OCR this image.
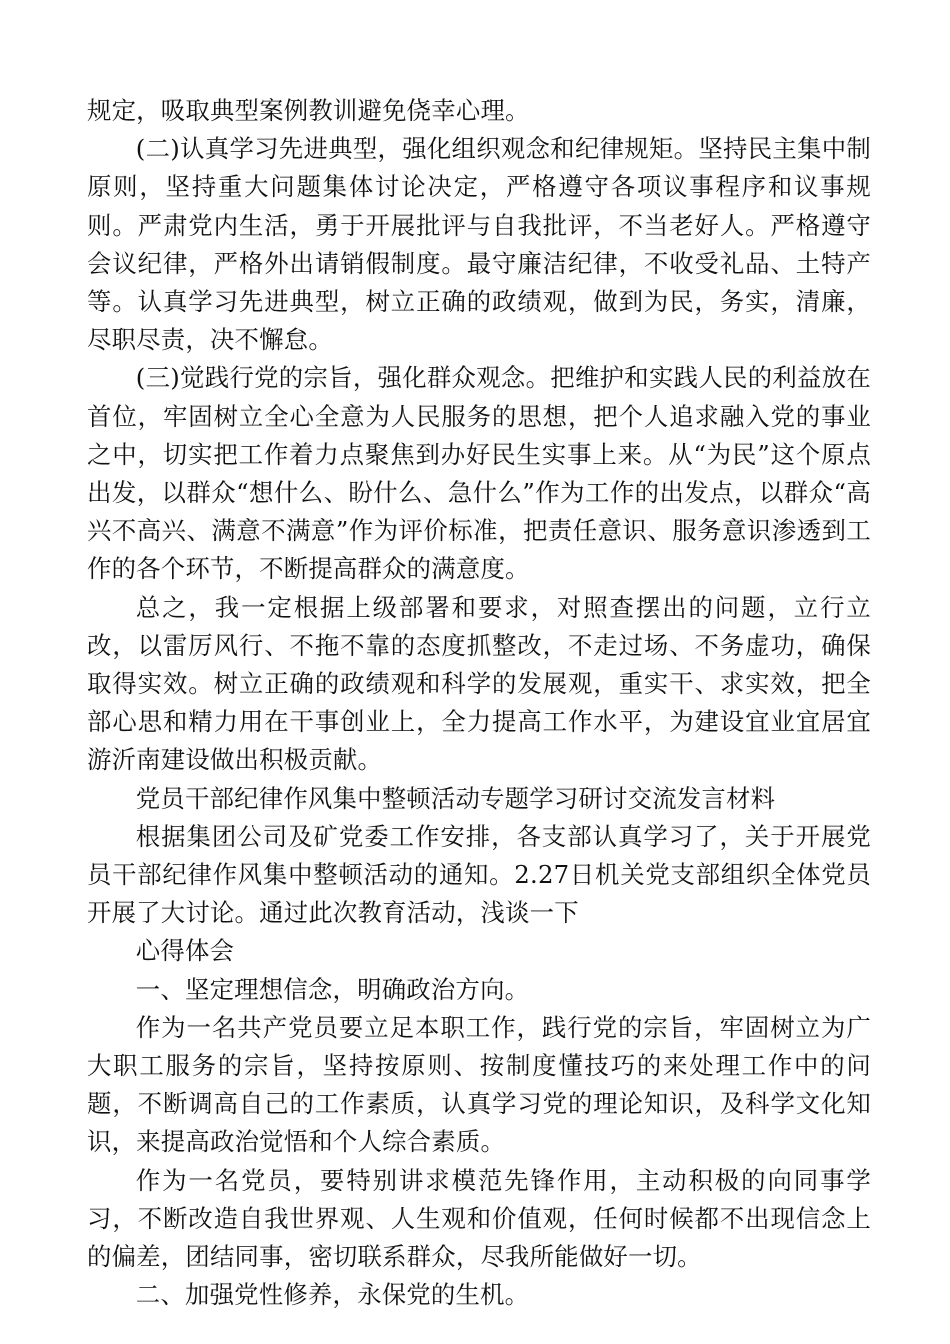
规定，吸取典型案例教训避免侥幸心理。

(二)认真学习先进典型，强化组织观念和纪律规矩。坚持民主集中制原则，坚持重大问题集体讨论决定，严格遵守各项议事程序和议事规则。严肃党内生活，勇于开展批评与自我批评，不当老好人。严格遵守会议纪律，严格外出请销假制度。最守廉洁纪律，不收受礼品、土特产等。认真学习先进典型，树立正确的政绩观，做到为民，务实，清廉，尽职尽责，决不懈怠。

(三)觉践行党的宗旨，强化群众观念。把维护和实践人民的利益放在首位，牢固树立全心全意为人民服务的思想，把个人追求融入党的事业之中，切实把工作着力点聚焦到办好民生实事上来。从“为民”这个原点出发，以群众“想什么、盼什么、急什么”作为工作的出发点，以群众“高兴不高兴、满意不满意”作为评价标准，把责任意识、服务意识渗透到工作的各个环节，不断提高群众的满意度。

总之，我一定根据上级部署和要求，对照查摆出的问题，立行立改，以雷厉风行、不拖不靠的态度抓整改，不走过场、不务虚功，确保取得实效。树立正确的政绩观和科学的发展观，重实干、求实效，把全部心思和精力用在干事创业上，全力提高工作水平，为建设宜业宜居宜游沂南建设做出积极贡献。

党员干部纪律作风集中整顿活动专题学习研讨交流发言材料

根据集团公司及矿党委工作安排，各支部认真学习了，关于开展党员干部纪律作风集中整顿活动的通知。2.27日机关党支部组织全体党员开展了大讨论。通过此次教育活动，浅谈一下

心得体会

一、坚定理想信念，明确政治方向。

作为一名共产党员要立足本职工作，践行党的宗旨，牢固树立为广大职工服务的宗旨，坚持按原则、按制度懂技巧的来处理工作中的问题，不断调高自己的工作素质，认真学习党的理论知识，及科学文化知识，来提高政治觉悟和个人综合素质。

作为一名党员，要特别讲求模范先锋作用，主动积极的向同事学习，不断改造自我世界观、人生观和价值观，任何时候都不出现信念上的偏差，团结同事，密切联系群众，尽我所能做好一切。

二、加强党性修养，永保党的生机。
